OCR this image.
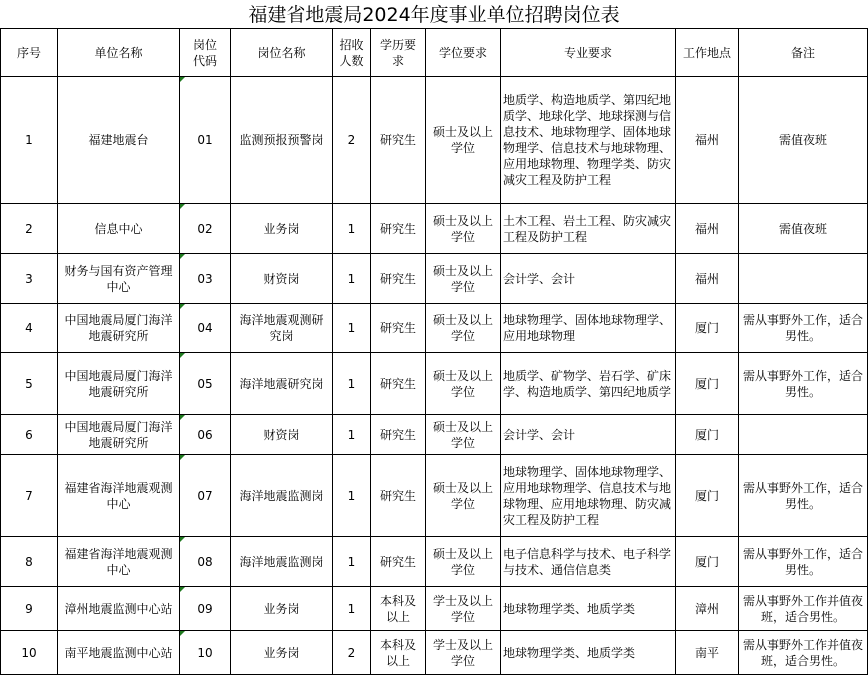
福建省地震局2024年度事业单位招聘岗位表
序号	单位名称	岗位代码	岗位名称	招收人数	学历要求	学位要求	专业要求	工作地点	备注
1	福建地震台	01	监测预报预警岗	2	研究生	硕士及以上学位	地质学、构造地质学、第四纪地质学、地球化学、地球探测与信息技术、地球物理学、固体地球物理学、信息技术与地球物理、应用地球物理、物理学类、防灾减灾工程及防护工程	福州	需值夜班
2	信息中心	02	业务岗	1	研究生	硕士及以上学位	土木工程、岩土工程、防灾减灾工程及防护工程	福州	需值夜班
3	财务与国有资产管理中心	03	财资岗	1	研究生	硕士及以上学位	会计学、会计	福州	
4	中国地震局厦门海洋地震研究所	04	海洋地震观测研究岗	1	研究生	硕士及以上学位	地球物理学、固体地球物理学、应用地球物理	厦门	需从事野外工作，适合男性。
5	中国地震局厦门海洋地震研究所	05	海洋地震研究岗	1	研究生	硕士及以上学位	地质学、矿物学、岩石学、矿床学、构造地质学、第四纪地质学	厦门	需从事野外工作，适合男性。
6	中国地震局厦门海洋地震研究所	06	财资岗	1	研究生	硕士及以上学位	会计学、会计	厦门	
7	福建省海洋地震观测中心	07	海洋地震监测岗	1	研究生	硕士及以上学位	地球物理学、固体地球物理学、应用地球物理学、信息技术与地球物理、应用地球物理、防灾减灾工程及防护工程	厦门	需从事野外工作，适合男性。
8	福建省海洋地震观测中心	08	海洋地震监测岗	1	研究生	硕士及以上学位	电子信息科学与技术、电子科学与技术、通信信息类	厦门	需从事野外工作，适合男性。
9	漳州地震监测中心站	09	业务岗	1	本科及以上	学士及以上学位	地球物理学类、地质学类	漳州	需从事野外工作并值夜班，适合男性。
10	南平地震监测中心站	10	业务岗	2	本科及以上	学士及以上学位	地球物理学类、地质学类	南平	需从事野外工作并值夜班，适合男性。
